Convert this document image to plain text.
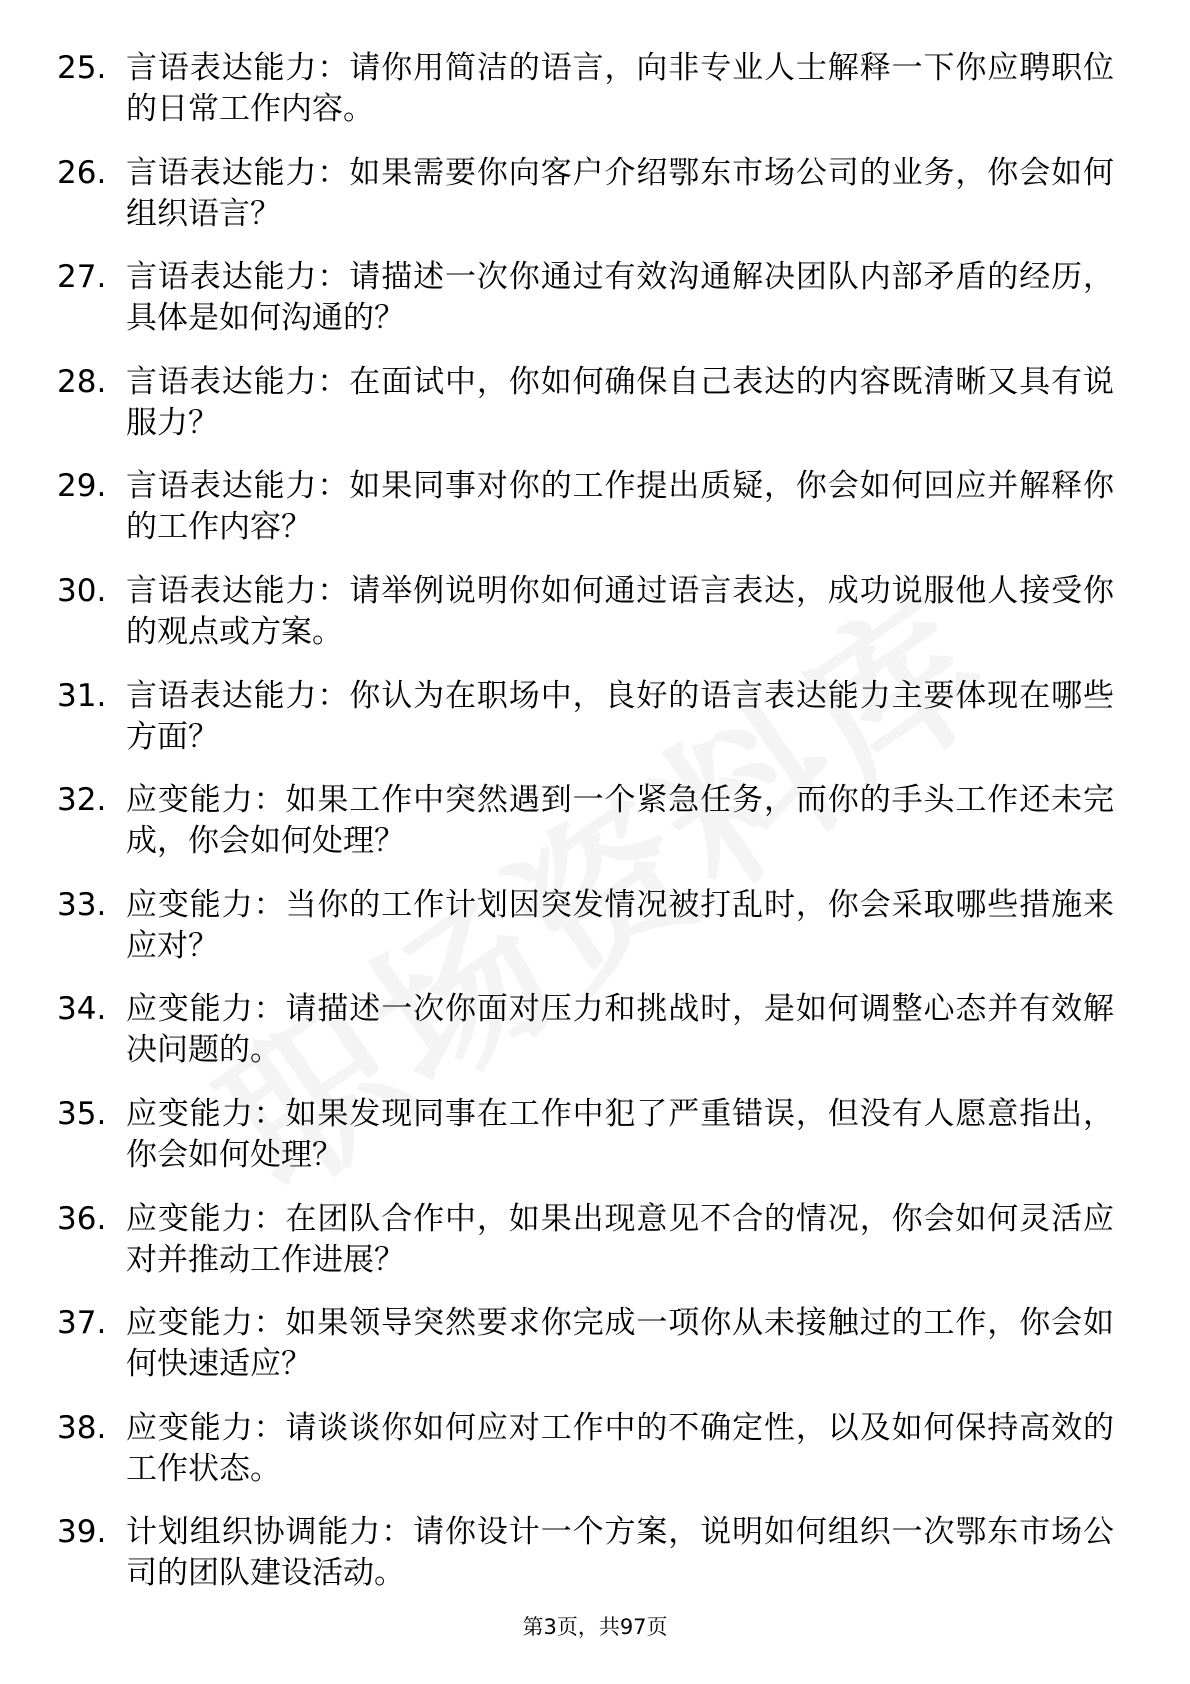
25. 言语表达能力：请你用简洁的语言，向非专业人士解释一下你应聘职位的日常工作内容。
26. 言语表达能力：如果需要你向客户介绍鄂东市场公司的业务，你会如何组织语言？
27. 言语表达能力：请描述一次你通过有效沟通解决团队内部矛盾的经历，具体是如何沟通的？
28. 言语表达能力：在面试中，你如何确保自己表达的内容既清晰又具有说服力？
29. 言语表达能力：如果同事对你的工作提出质疑，你会如何回应并解释你的工作内容？
30. 言语表达能力：请举例说明你如何通过语言表达，成功说服他人接受你的观点或方案。
31. 言语表达能力：你认为在职场中，良好的语言表达能力主要体现在哪些方面？
32. 应变能力：如果工作中突然遇到一个紧急任务，而你的手头工作还未完成，你会如何处理？
33. 应变能力：当你的工作计划因突发情况被打乱时，你会采取哪些措施来应对？
34. 应变能力：请描述一次你面对压力和挑战时，是如何调整心态并有效解决问题的。
35. 应变能力：如果发现同事在工作中犯了严重错误，但没有人愿意指出，你会如何处理？
36. 应变能力：在团队合作中，如果出现意见不合的情况，你会如何灵活应对并推动工作进展？
37. 应变能力：如果领导突然要求你完成一项你从未接触过的工作，你会如何快速适应？
38. 应变能力：请谈谈你如何应对工作中的不确定性，以及如何保持高效的工作状态。
39. 计划组织协调能力：请你设计一个方案，说明如何组织一次鄂东市场公司的团队建设活动。
第3页，共97页
